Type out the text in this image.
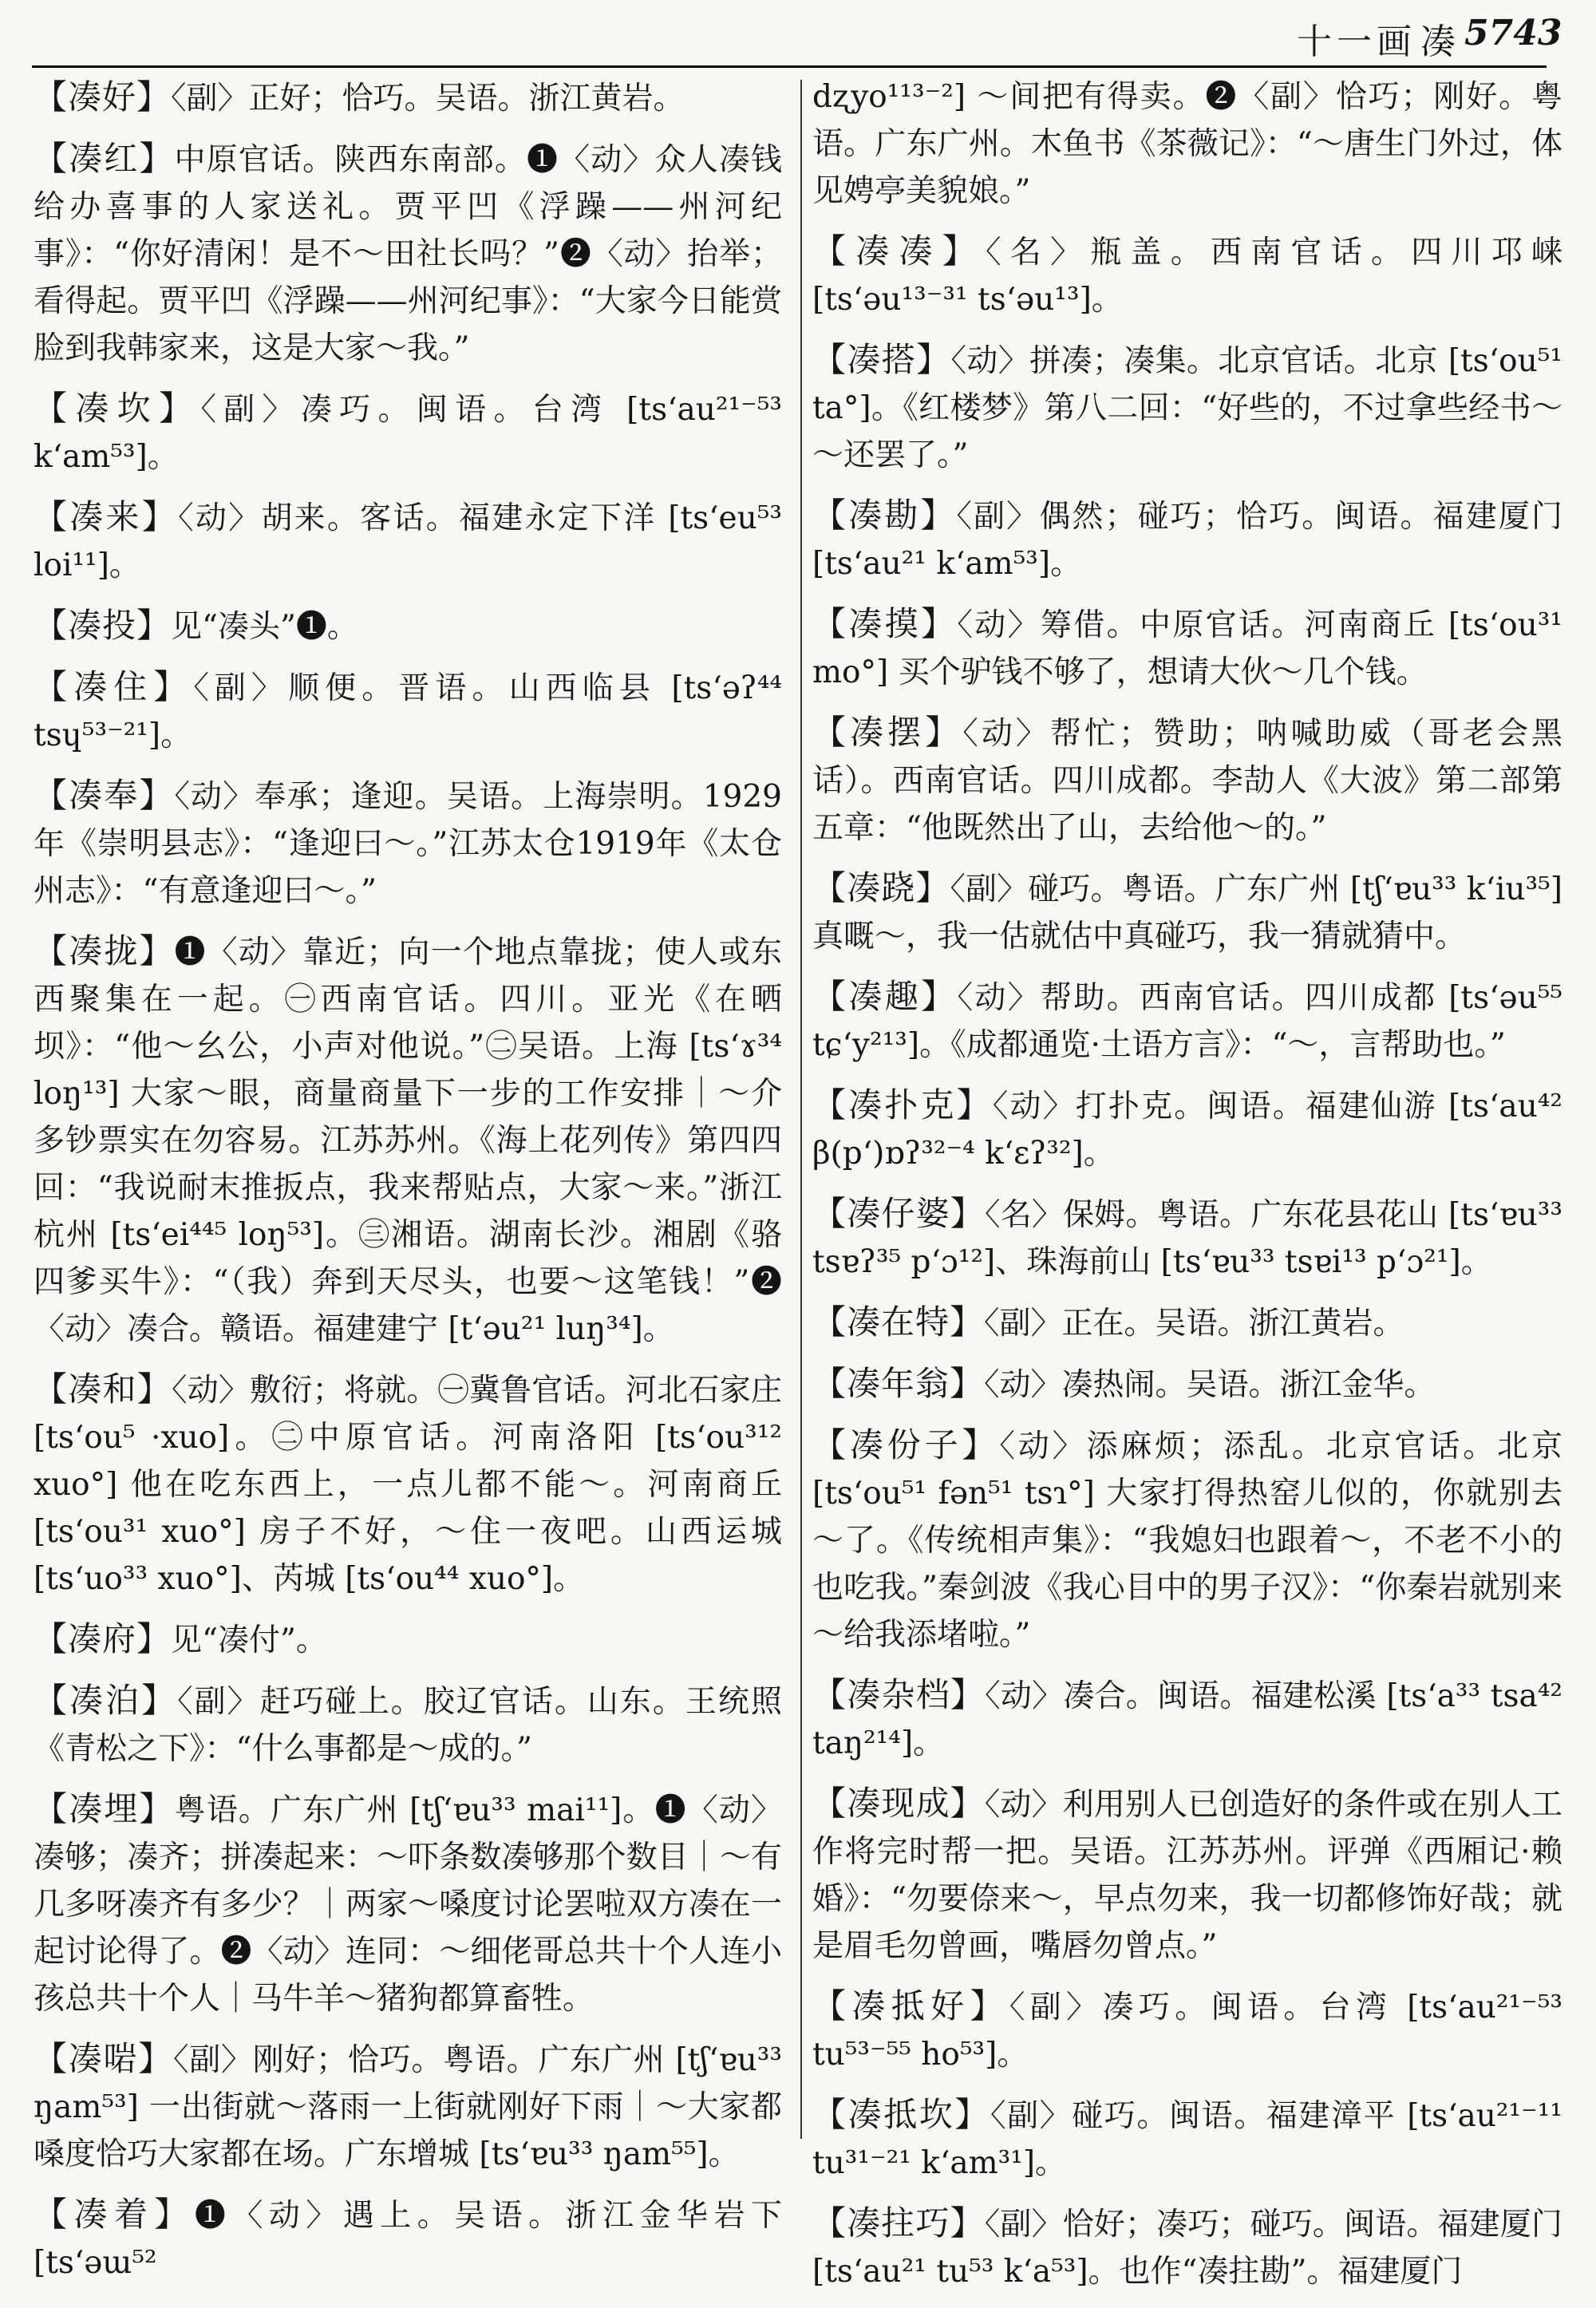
十一画 凑 5743

【凑好】〈副〉正好；恰巧。吴语。浙江黄岩。

【凑红】中原官话。陕西东南部。❶〈动〉众人凑钱给办喜事的人家送礼。贾平凹《浮躁——州河纪事》：“你好清闲！是不～田社长吗？”❷〈动〉抬举；看得起。贾平凹《浮躁——州河纪事》：“大家今日能赏脸到我韩家来，这是大家～我。”

【凑坎】〈副〉凑巧。闽语。台湾 [ts‘au²¹⁻⁵³ k‘am⁵³]。

【凑来】〈动〉胡来。客话。福建永定下洋 [ts‘eu⁵³ loi¹¹]。

【凑投】见“凑头”❶。

【凑住】〈副〉顺便。晋语。山西临县 [ts‘əʔ⁴⁴ tsɥ⁵³⁻²¹]。

【凑奉】〈动〉奉承；逢迎。吴语。上海崇明。1929年《崇明县志》：“逢迎曰～。”江苏太仓1919年《太仓州志》：“有意逢迎曰～。”

【凑拢】❶〈动〉靠近；向一个地点靠拢；使人或东西聚集在一起。㊀西南官话。四川。亚光《在晒坝》：“他～幺公，小声对他说。”㊁吴语。上海 [ts‘ɤ³⁴ loŋ¹³] 大家～眼，商量商量下一步的工作安排｜～介多钞票实在勿容易。江苏苏州。《海上花列传》第四四回：“我说耐末推扳点，我来帮贴点，大家～来。”浙江杭州 [ts‘ei⁴⁴⁵ loŋ⁵³]。㊂湘语。湖南长沙。湘剧《骆四爹买牛》：“（我）奔到天尽头，也要～这笔钱！”❷〈动〉凑合。赣语。福建建宁 [t‘əu²¹ luŋ³⁴]。

【凑和】〈动〉敷衍；将就。㊀冀鲁官话。河北石家庄 [ts‘ou⁵ ·xuo]。㊁中原官话。河南洛阳 [ts‘ou³¹² xuo°] 他在吃东西上，一点儿都不能～。河南商丘 [ts‘ou³¹ xuo°] 房子不好，～住一夜吧。山西运城 [ts‘uo³³ xuo°]、芮城 [ts‘ou⁴⁴ xuo°]。

【凑府】见“凑付”。

【凑泊】〈副〉赶巧碰上。胶辽官话。山东。王统照《青松之下》：“什么事都是～成的。”

【凑埋】粤语。广东广州 [tʃ‘ɐu³³ mai¹¹]。❶〈动〉凑够；凑齐；拼凑起来：～吓条数凑够那个数目｜～有几多呀凑齐有多少？｜两家～嗓度讨论罢啦双方凑在一起讨论得了。❷〈动〉连同：～细佬哥总共十个人连小孩总共十个人｜马牛羊～猪狗都算畜牲。

【凑啱】〈副〉刚好；恰巧。粤语。广东广州 [tʃ‘ɐu³³ ŋam⁵³] 一出街就～落雨一上街就刚好下雨｜～大家都嗓度恰巧大家都在场。广东增城 [ts‘ɐu³³ ŋam⁵⁵]。

【凑着】❶〈动〉遇上。吴语。浙江金华岩下 [ts‘əɯ⁵²

dʐyo¹¹³⁻²] ～间把有得卖。❷〈副〉恰巧；刚好。粤语。广东广州。木鱼书《茶薇记》：“～唐生门外过，体见娉亭美貌娘。”

【凑凑】〈名〉瓶盖。西南官话。四川邛崃 [ts‘əu¹³⁻³¹ ts‘əu¹³]。

【凑搭】〈动〉拼凑；凑集。北京官话。北京 [ts‘ou⁵¹ ta°]。《红楼梦》第八二回：“好些的，不过拿些经书～～还罢了。”

【凑勘】〈副〉偶然；碰巧；恰巧。闽语。福建厦门 [ts‘au²¹ k‘am⁵³]。

【凑摸】〈动〉筹借。中原官话。河南商丘 [ts‘ou³¹ mo°] 买个驴钱不够了，想请大伙～几个钱。

【凑摆】〈动〉帮忙；赞助；呐喊助威（哥老会黑话）。西南官话。四川成都。李劼人《大波》第二部第五章：“他既然出了山，去给他～的。”

【凑跷】〈副〉碰巧。粤语。广东广州 [tʃ‘ɐu³³ k‘iu³⁵] 真嘅～，我一估就估中真碰巧，我一猜就猜中。

【凑趣】〈动〉帮助。西南官话。四川成都 [ts‘əu⁵⁵ tɕ‘y²¹³]。《成都通览·土语方言》：“～，言帮助也。”

【凑扑克】〈动〉打扑克。闽语。福建仙游 [ts‘au⁴² β(p‘)ɒʔ³²⁻⁴ k‘ɛʔ³²]。

【凑仔婆】〈名〉保姆。粤语。广东花县花山 [ts‘ɐu³³ tsɐʔ³⁵ p‘ɔ¹²]、珠海前山 [ts‘ɐu³³ tsɐi¹³ p‘ɔ²¹]。

【凑在特】〈副〉正在。吴语。浙江黄岩。

【凑年翁】〈动〉凑热闹。吴语。浙江金华。

【凑份子】〈动〉添麻烦；添乱。北京官话。北京 [ts‘ou⁵¹ fən⁵¹ tsɿ°] 大家打得热窑儿似的，你就别去～了。《传统相声集》：“我媳妇也跟着～，不老不小的也吃我。”秦剑波《我心目中的男子汉》：“你秦岩就别来～给我添堵啦。”

【凑杂档】〈动〉凑合。闽语。福建松溪 [ts‘a³³ tsa⁴² taŋ²¹⁴]。

【凑现成】〈动〉利用别人已创造好的条件或在别人工作将完时帮一把。吴语。江苏苏州。评弹《西厢记·赖婚》：“勿要倷来～，早点勿来，我一切都修饰好哉；就是眉毛勿曾画，嘴唇勿曾点。”

【凑抵好】〈副〉凑巧。闽语。台湾 [ts‘au²¹⁻⁵³ tu⁵³⁻⁵⁵ ho⁵³]。

【凑抵坎】〈副〉碰巧。闽语。福建漳平 [ts‘au²¹⁻¹¹ tu³¹⁻²¹ k‘am³¹]。

【凑拄巧】〈副〉恰好；凑巧；碰巧。闽语。福建厦门 [ts‘au²¹ tu⁵³ k‘a⁵³]。也作“凑拄勘”。福建厦门
